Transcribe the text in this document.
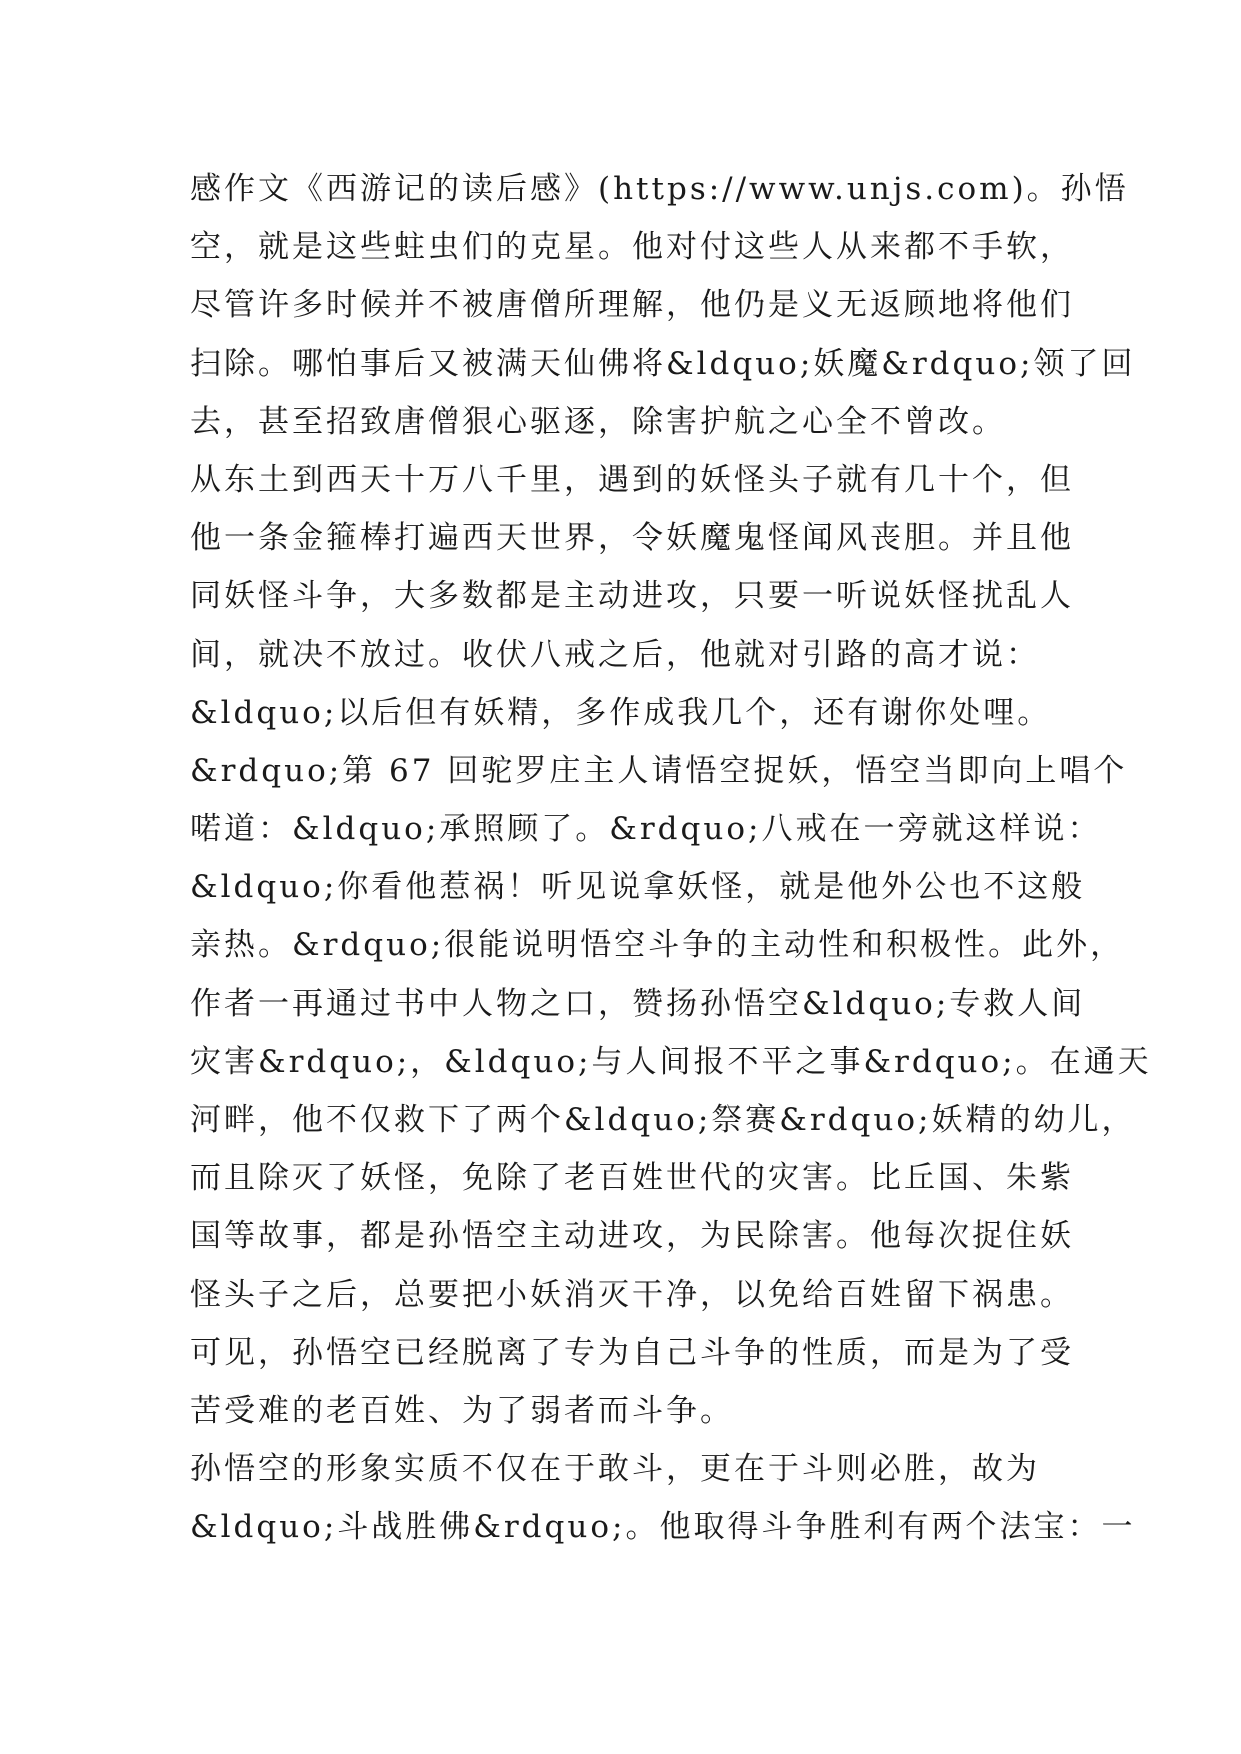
感作文《西游记的读后感》(https://www.unjs.com)。孙悟
空，就是这些蛀虫们的克星。他对付这些人从来都不手软，
尽管许多时候并不被唐僧所理解，他仍是义无返顾地将他们
扫除。哪怕事后又被满天仙佛将&ldquo;妖魔&rdquo;领了回
去，甚至招致唐僧狠心驱逐，除害护航之心全不曾改。
从东土到西天十万八千里，遇到的妖怪头子就有几十个，但
他一条金箍棒打遍西天世界，令妖魔鬼怪闻风丧胆。并且他
同妖怪斗争，大多数都是主动进攻，只要一听说妖怪扰乱人
间，就决不放过。收伏八戒之后，他就对引路的高才说：
&ldquo;以后但有妖精，多作成我几个，还有谢你处哩。
&rdquo;第 67 回驼罗庄主人请悟空捉妖，悟空当即向上唱个
喏道：&ldquo;承照顾了。&rdquo;八戒在一旁就这样说：
&ldquo;你看他惹祸！听见说拿妖怪，就是他外公也不这般
亲热。&rdquo;很能说明悟空斗争的主动性和积极性。此外，
作者一再通过书中人物之口，赞扬孙悟空&ldquo;专救人间
灾害&rdquo;，&ldquo;与人间报不平之事&rdquo;。在通天
河畔，他不仅救下了两个&ldquo;祭赛&rdquo;妖精的幼儿，
而且除灭了妖怪，免除了老百姓世代的灾害。比丘国、朱紫
国等故事，都是孙悟空主动进攻，为民除害。他每次捉住妖
怪头子之后，总要把小妖消灭干净，以免给百姓留下祸患。
可见，孙悟空已经脱离了专为自己斗争的性质，而是为了受
苦受难的老百姓、为了弱者而斗争。
孙悟空的形象实质不仅在于敢斗，更在于斗则必胜，故为
&ldquo;斗战胜佛&rdquo;。他取得斗争胜利有两个法宝：一
